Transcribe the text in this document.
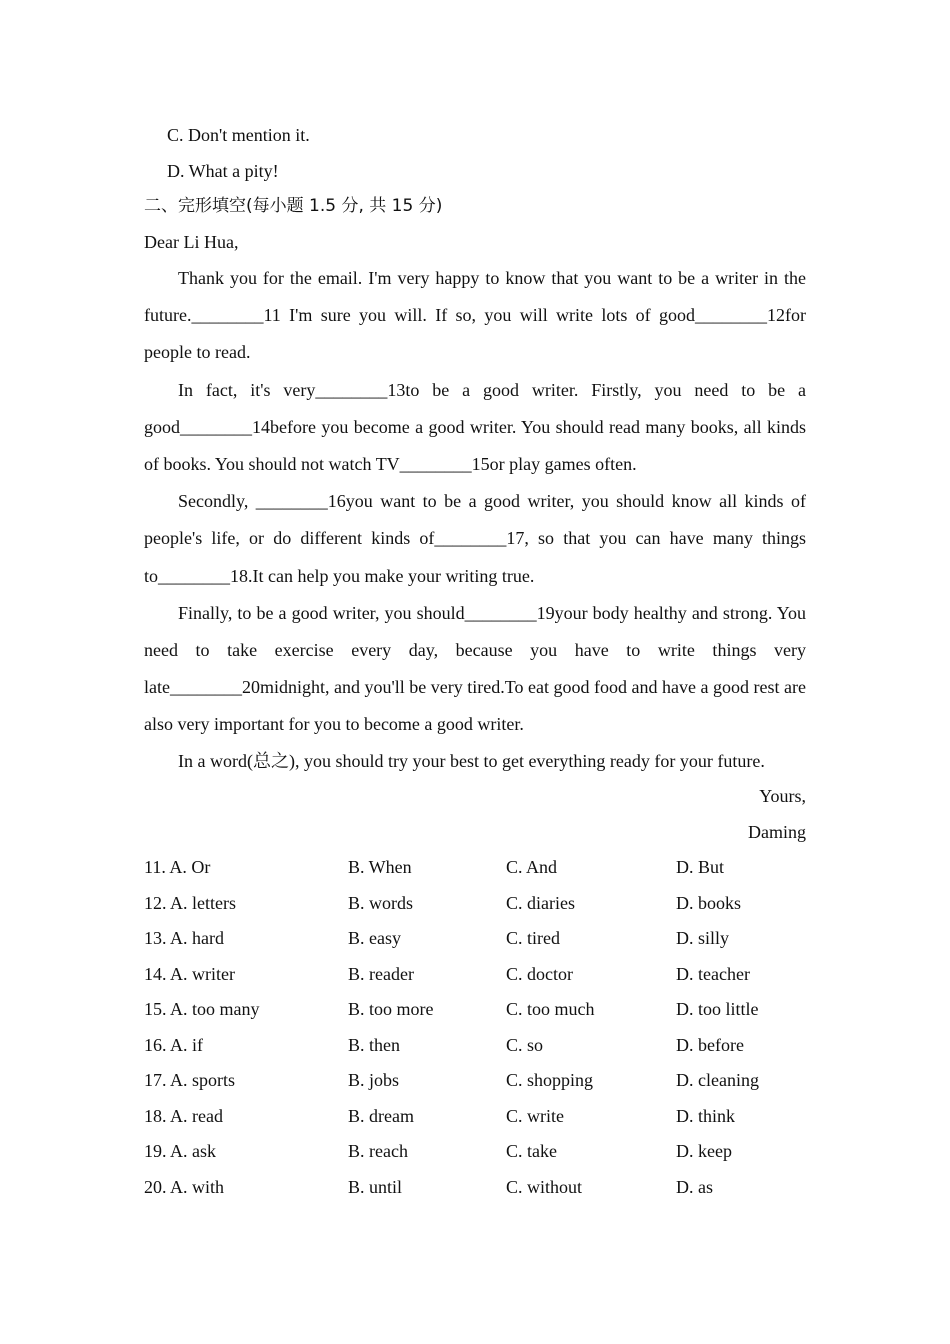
C. Don't mention it.
D. What a pity!
二、完形填空(每小题 1.5 分, 共 15 分)
Dear Li Hua,

Thank you for the email. I'm very happy to know that you want to be a writer in the future.________11 I'm sure you will. If so, you will write lots of good________12for people to read.

In fact, it's very________13to be a good writer. Firstly, you need to be a good________14before you become a good writer. You should read many books, all kinds of books. You should not watch TV________15or play games often.

Secondly, ________16you want to be a good writer, you should know all kinds of people's life, or do different kinds of________17, so that you can have many things to________18.It can help you make your writing true.

Finally, to be a good writer, you should________19your body healthy and strong. You need to take exercise every day, because you have to write things very late________20midnight, and you'll be very tired.To eat good food and have a good rest are also very important for you to become a good writer.

In a word(总之), you should try your best to get everything ready for your future.
Yours,
Daming
11. A. Or	B. When	C. And	D. But
12. A. letters	B. words	C. diaries	D. books
13. A. hard	B. easy	C. tired	D. silly
14. A. writer	B. reader	C. doctor	D. teacher
15. A. too many	B. too more	C. too much	D. too little
16. A. if	B. then	C. so	D. before
17. A. sports	B. jobs	C. shopping	D. cleaning
18. A. read	B. dream	C. write	D. think
19. A. ask	B. reach	C. take	D. keep
20. A. with	B. until	C. without	D. as
